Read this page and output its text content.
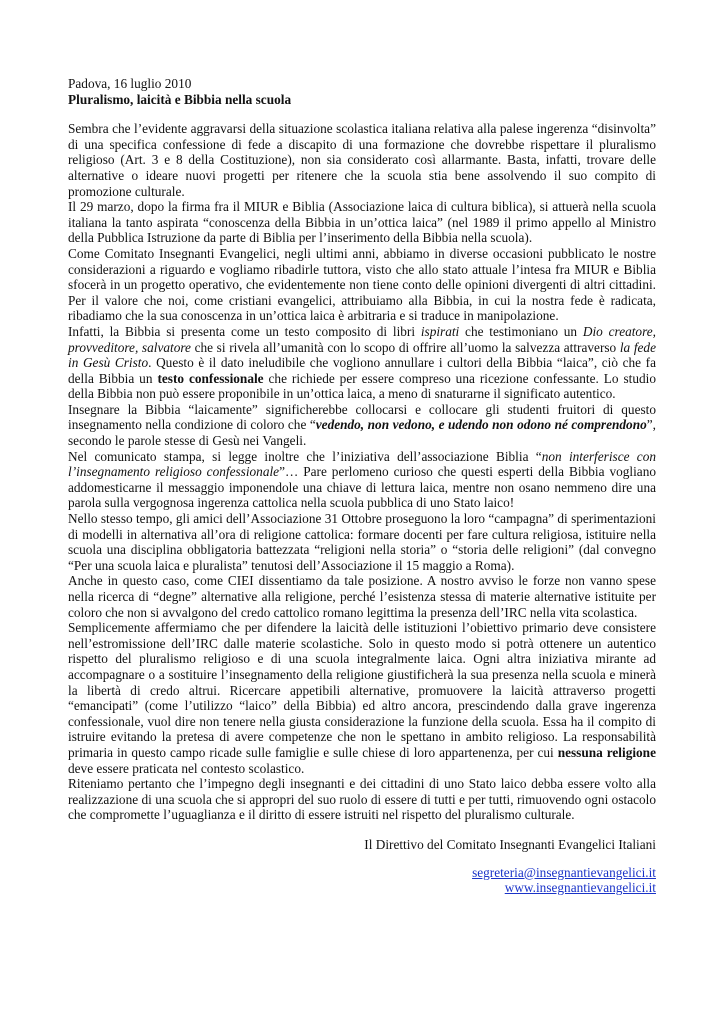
Padova, 16 luglio 2010

Pluralismo, laicità e Bibbia nella scuola

Sembra che l’evidente aggravarsi della situazione scolastica italiana relativa alla palese ingerenza “disinvolta” di una specifica confessione di fede a discapito di una formazione che dovrebbe rispettare il pluralismo religioso (Art. 3 e 8 della Costituzione), non sia considerato così allarmante. Basta, infatti, trovare delle alternative o ideare nuovi progetti per ritenere che la scuola stia bene assolvendo il suo compito di promozione culturale.

Il 29 marzo, dopo la firma fra il MIUR e Biblia (Associazione laica di cultura biblica), si attuerà nella scuola italiana la tanto aspirata “conoscenza della Bibbia in un’ottica laica” (nel 1989 il primo appello al Ministro della Pubblica Istruzione da parte di Biblia per l’inserimento della Bibbia nella scuola).

Come Comitato Insegnanti Evangelici, negli ultimi anni, abbiamo in diverse occasioni pubblicato le nostre considerazioni a riguardo e vogliamo ribadirle tuttora, visto che allo stato attuale l’intesa fra MIUR e Biblia sfocerà in un progetto operativo, che evidentemente non tiene conto delle opinioni divergenti di altri cittadini. Per il valore che noi, come cristiani evangelici, attribuiamo alla Bibbia, in cui la nostra fede è radicata, ribadiamo che la sua conoscenza in un’ottica laica è arbitraria e si traduce in manipolazione.

Infatti, la Bibbia si presenta come un testo composito di libri ispirati che testimoniano un Dio creatore, provveditore, salvatore che si rivela all’umanità con lo scopo di offrire all’uomo la salvezza attraverso la fede in Gesù Cristo. Questo è il dato ineludibile che vogliono annullare i cultori della Bibbia “laica”, ciò che fa della Bibbia un testo confessionale che richiede per essere compreso una ricezione confessante. Lo studio della Bibbia non può essere proponibile in un’ottica laica, a meno di snaturarne il significato autentico.

Insegnare la Bibbia “laicamente” significherebbe collocarsi e collocare gli studenti fruitori di questo insegnamento nella condizione di coloro che “vedendo, non vedono, e udendo non odono né comprendono”, secondo le parole stesse di Gesù nei Vangeli.

Nel comunicato stampa, si legge inoltre che l’iniziativa dell’associazione Biblia “non interferisce con l’insegnamento religioso confessionale”… Pare perlomeno curioso che questi esperti della Bibbia vogliano addomesticarne il messaggio imponendole una chiave di lettura laica, mentre non osano nemmeno dire una parola sulla vergognosa ingerenza cattolica nella scuola pubblica di uno Stato laico!

Nello stesso tempo, gli amici dell’Associazione 31 Ottobre proseguono la loro “campagna” di sperimentazioni di modelli in alternativa all’ora di religione cattolica: formare docenti per fare cultura religiosa, istituire nella scuola una disciplina obbligatoria battezzata “religioni nella storia” o “storia delle religioni” (dal convegno “Per una scuola laica e pluralista” tenutosi dell’Associazione il 15 maggio a Roma).

Anche in questo caso, come CIEI dissentiamo da tale posizione. A nostro avviso le forze non vanno spese nella ricerca di “degne” alternative alla religione, perché l’esistenza stessa di materie alternative istituite per coloro che non si avvalgono del credo cattolico romano legittima la presenza dell’IRC nella vita scolastica.

Semplicemente affermiamo che per difendere la laicità delle istituzioni l’obiettivo primario deve consistere nell’estromissione dell’IRC dalle materie scolastiche. Solo in questo modo si potrà ottenere un autentico rispetto del pluralismo religioso e di una scuola integralmente laica. Ogni altra iniziativa mirante ad accompagnare o a sostituire l’insegnamento della religione giustificherà la sua presenza nella scuola e minerà la libertà di credo altrui. Ricercare appetibili alternative, promuovere la laicità attraverso progetti “emancipati” (come l’utilizzo “laico” della Bibbia) ed altro ancora, prescindendo dalla grave ingerenza confessionale, vuol dire non tenere nella giusta considerazione la funzione della scuola. Essa ha il compito di istruire evitando la pretesa di avere competenze che non le spettano in ambito religioso. La responsabilità primaria in questo campo ricade sulle famiglie e sulle chiese di loro appartenenza, per cui nessuna religione deve essere praticata nel contesto scolastico.

Riteniamo pertanto che l’impegno degli insegnanti e dei cittadini di uno Stato laico debba essere volto alla realizzazione di una scuola che si appropri del suo ruolo di essere di tutti e per tutti, rimuovendo ogni ostacolo che compromette l’uguaglianza e il diritto di essere istruiti nel rispetto del pluralismo culturale.

Il Direttivo del Comitato Insegnanti Evangelici Italiani
segreteria@insegnantievangelici.it
www.insegnantievangelici.it
